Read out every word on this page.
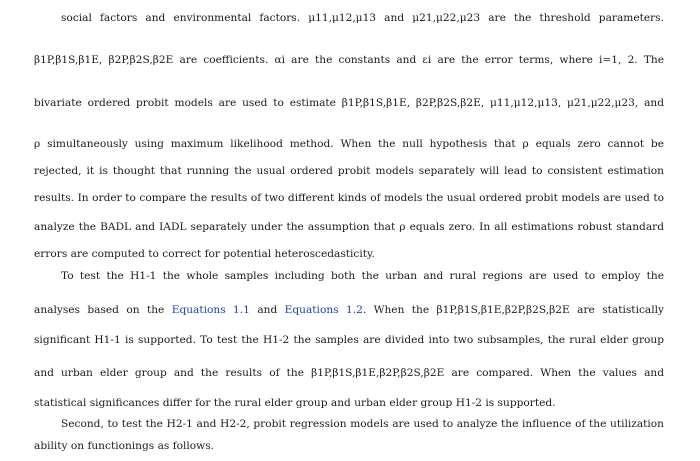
social factors and environmental factors. μ11,μ12,μ13 and μ21,μ22,μ23 are the threshold parameters.
β1P,β1S,β1E, β2P,β2S,β2E are coefficients. αi are the constants and εi are the error terms, where i=1, 2. The
bivariate ordered probit models are used to estimate β1P,β1S,β1E, β2P,β2S,β2E, μ11,μ12,μ13, μ21,μ22,μ23, and
ρ simultaneously using maximum likelihood method. When the null hypothesis that ρ equals zero cannot be
rejected, it is thought that running the usual ordered probit models separately will lead to consistent estimation
results. In order to compare the results of two different kinds of models the usual ordered probit models are used to
analyze the BADL and IADL separately under the assumption that ρ equals zero. In all estimations robust standard
errors are computed to correct for potential heteroscedasticity.
To test the H1-1 the whole samples including both the urban and rural regions are used to employ the
analyses based on the Equations 1.1 and Equations 1.2. When the β1P,β1S,β1E,β2P,β2S,β2E are statistically
significant H1-1 is supported. To test the H1-2 the samples are divided into two subsamples, the rural elder group
and urban elder group and the results of the β1P,β1S,β1E,β2P,β2S,β2E are compared. When the values and
statistical significances differ for the rural elder group and urban elder group H1-2 is supported.
Second, to test the H2-1 and H2-2, probit regression models are used to analyze the influence of the utilization
ability on functionings as follows.
